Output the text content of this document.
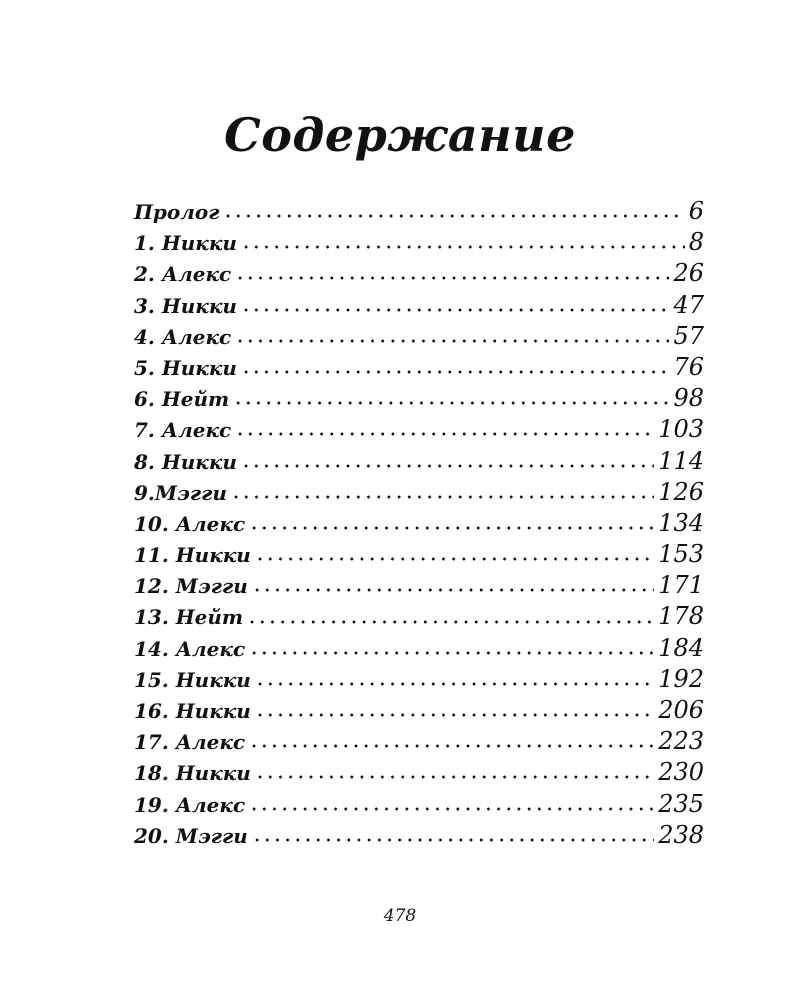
Содержание
Пролог	6
1. Никки	8
2. Алекс	26
3. Никки	47
4. Алекс	57
5. Никки	76
6. Нейт	98
7. Алекс	103
8. Никки	114
9.Мэгги	126
10. Алекс	134
11. Никки	153
12. Мэгги	171
13. Нейт	178
14. Алекс	184
15. Никки	192
16. Никки	206
17. Алекс	223
18. Никки	230
19. Алекс	235
20. Мэгги	238
478
